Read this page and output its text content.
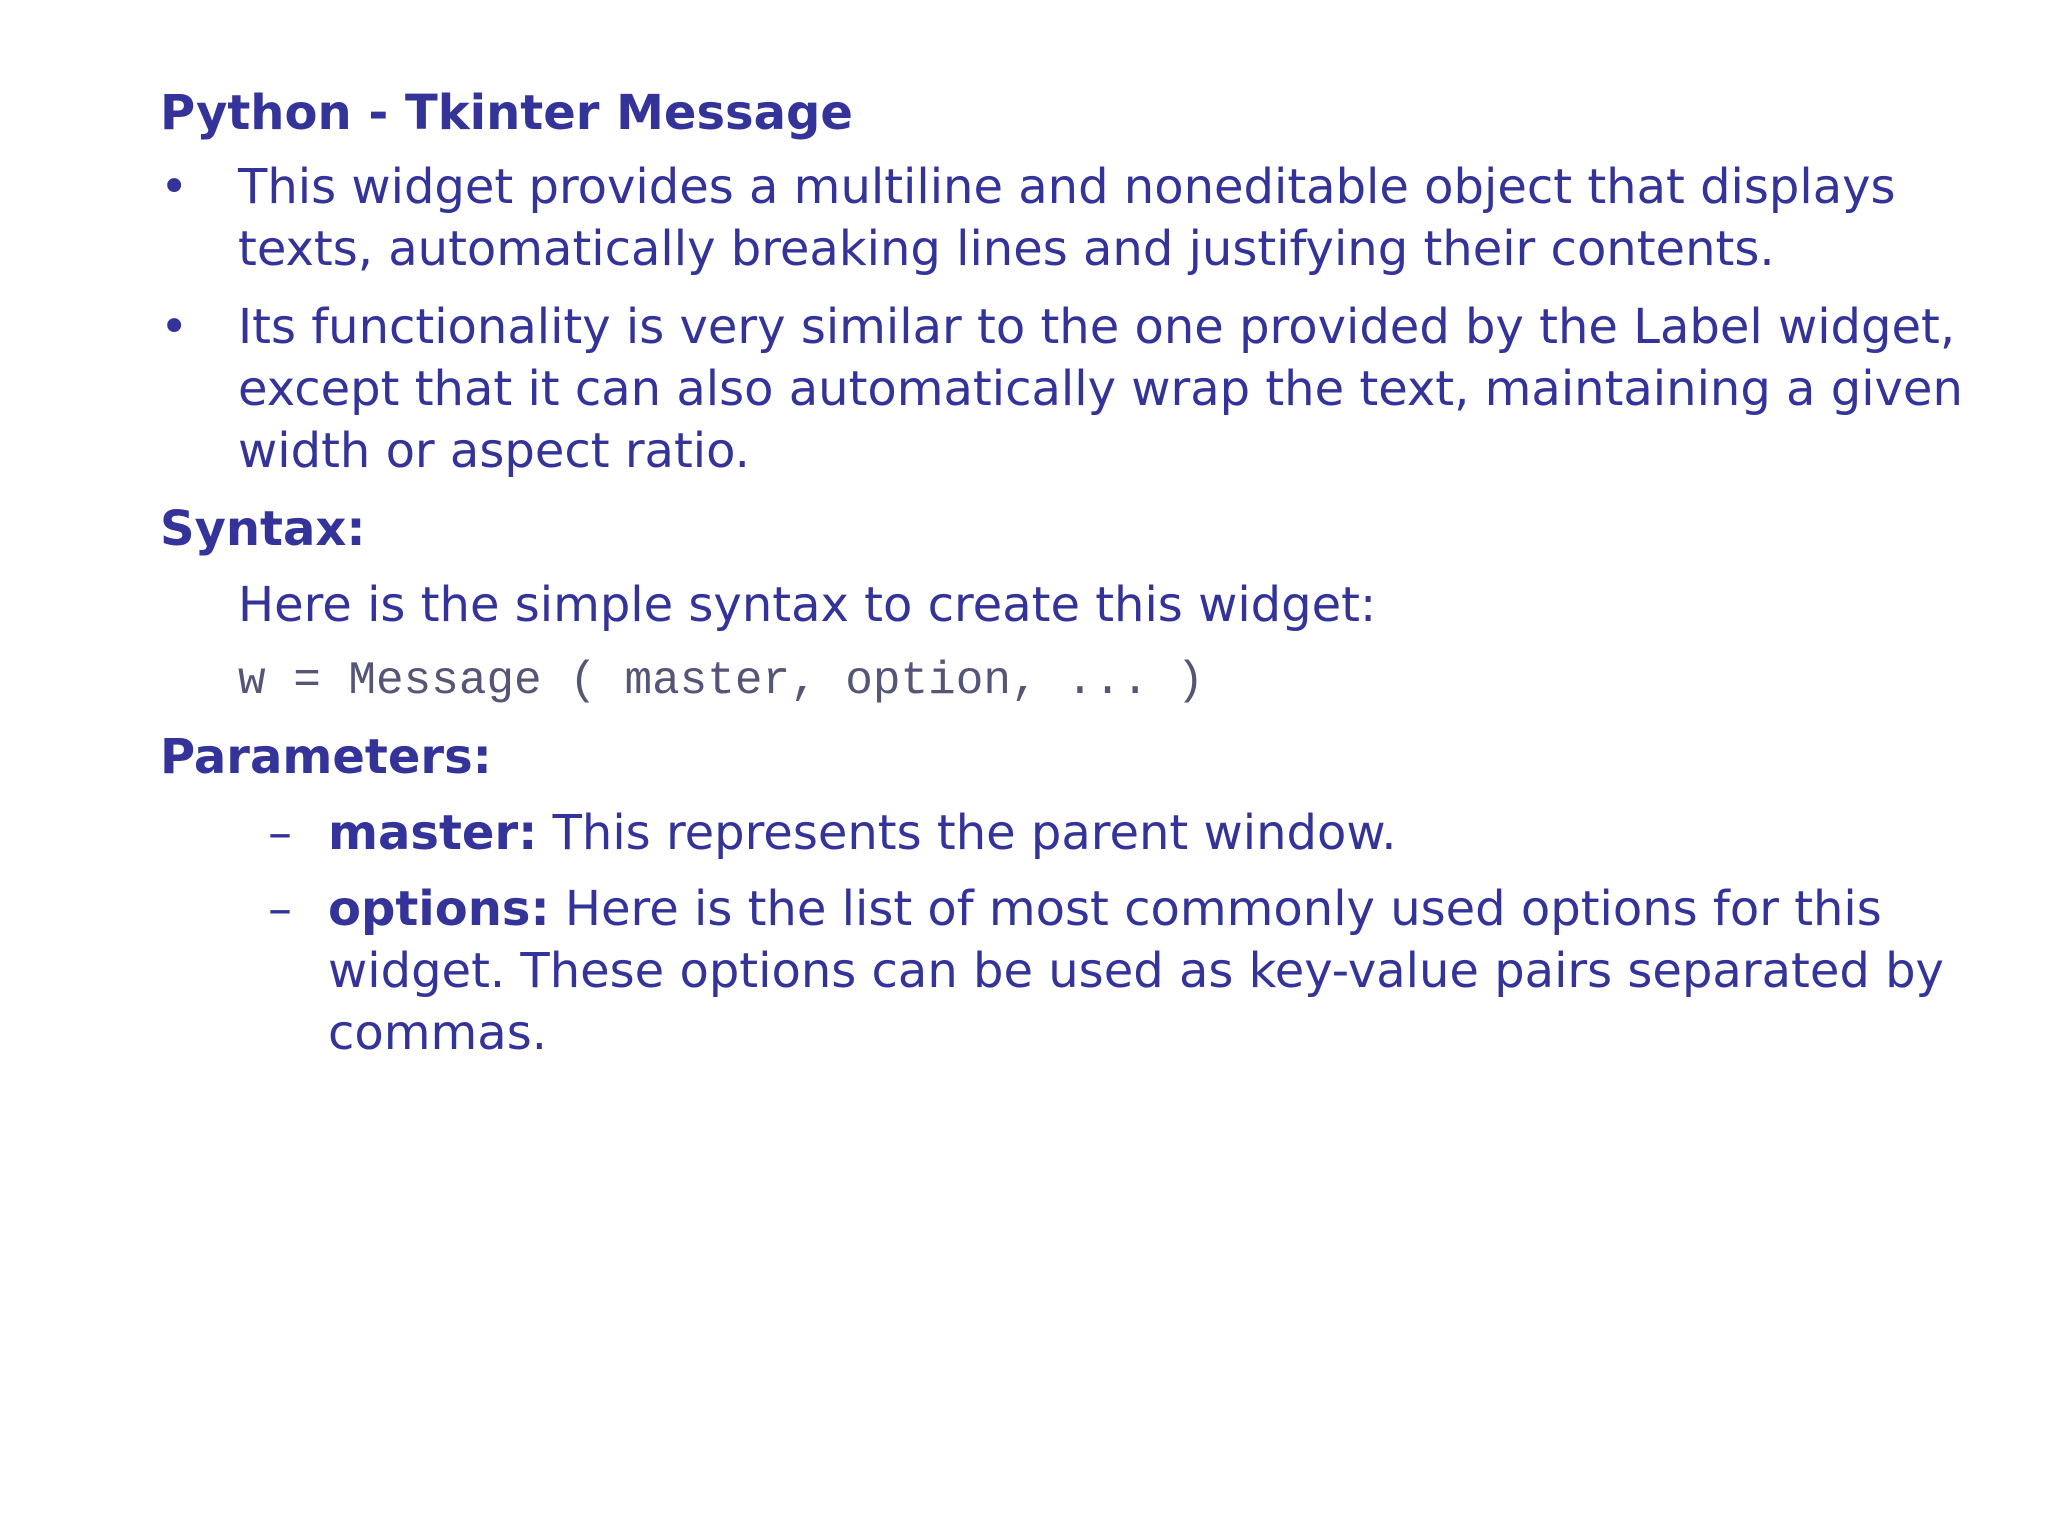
Python - Tkinter Message
•	This widget provides a multiline and noneditable object that displays texts, automatically breaking lines and justifying their contents.
•	Its functionality is very similar to the one provided by the Label widget, except that it can also automatically wrap the text, maintaining a given width or aspect ratio.
Syntax:
Here is the simple syntax to create this widget:
w = Message ( master, option, ... )
Parameters:
– master: This represents the parent window.
– options: Here is the list of most commonly used options for this widget. These options can be used as key-value pairs separated by commas.
